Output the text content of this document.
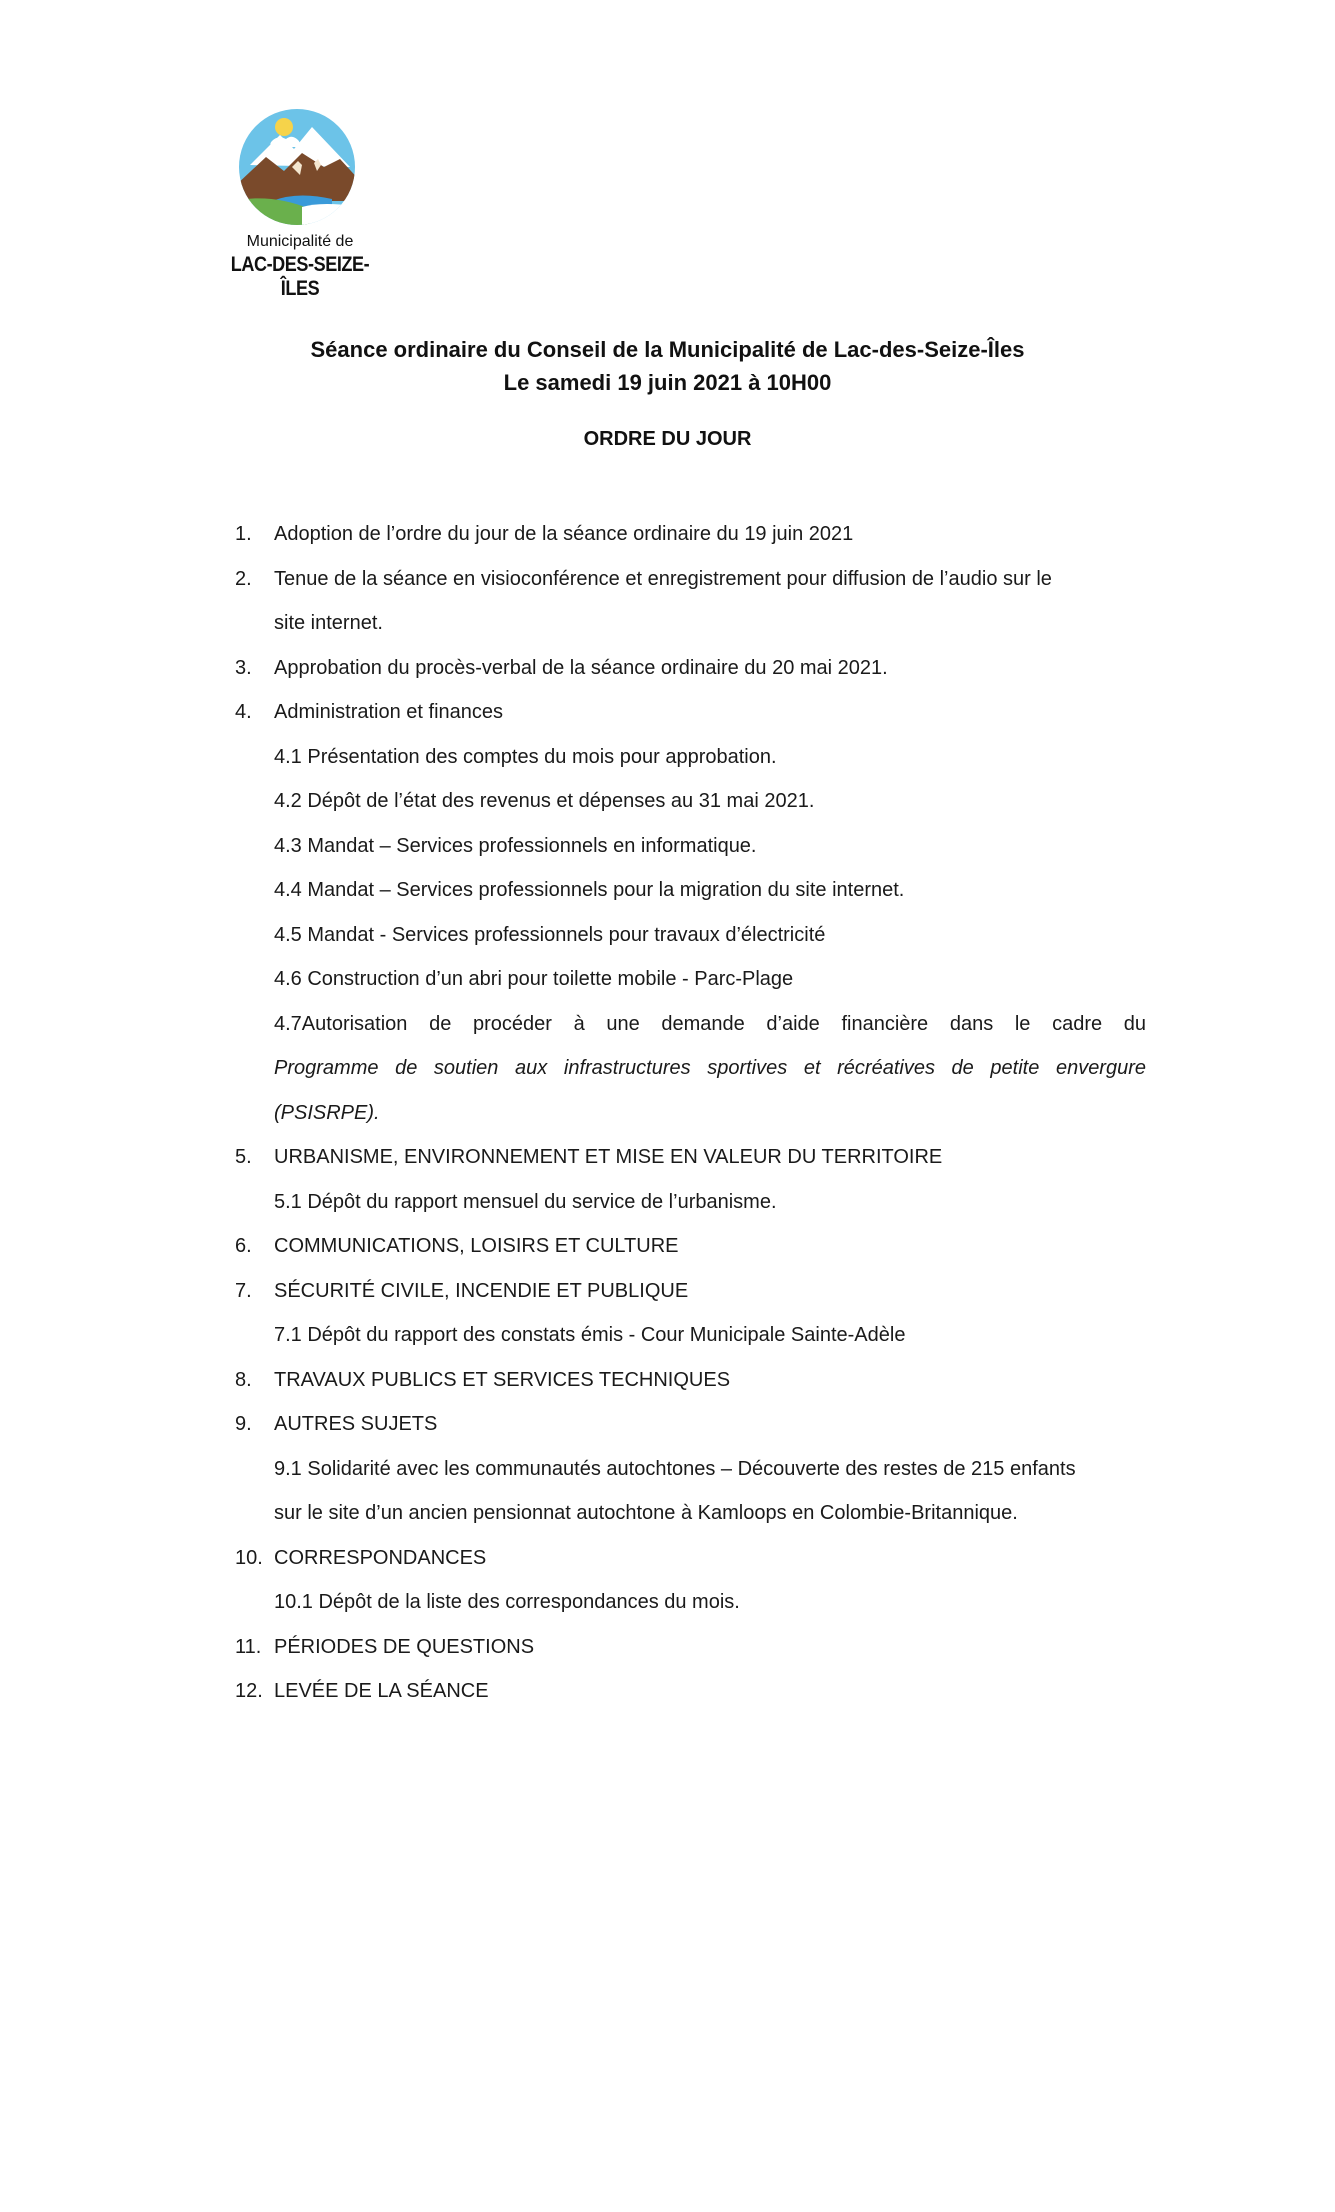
Municipalité de
LAC-DES-SEIZE-ÎLES
Séance ordinaire du Conseil de la Municipalité de Lac-des-Seize-Îles
Le samedi 19 juin 2021 à 10H00
ORDRE DU JOUR
1. Adoption de l’ordre du jour de la séance ordinaire du 19 juin 2021
2. Tenue de la séance en visioconférence et enregistrement pour diffusion de l’audio sur le
site internet.
3. Approbation du procès-verbal de la séance ordinaire du 20 mai 2021.
4. Administration et finances
4.1 Présentation des comptes du mois pour approbation.
4.2 Dépôt de l’état des revenus et dépenses au 31 mai 2021.
4.3 Mandat – Services professionnels en informatique.
4.4 Mandat – Services professionnels pour la migration du site internet.
4.5 Mandat - Services professionnels pour travaux d’électricité
4.6 Construction d’un abri pour toilette mobile - Parc-Plage
4.7Autorisation de procéder à une demande d’aide financière dans le cadre du
Programme de soutien aux infrastructures sportives et récréatives de petite envergure
(PSISRPE).
5. URBANISME, ENVIRONNEMENT ET MISE EN VALEUR DU TERRITOIRE
5.1 Dépôt du rapport mensuel du service de l’urbanisme.
6. COMMUNICATIONS, LOISIRS ET CULTURE
7. SÉCURITÉ CIVILE, INCENDIE ET PUBLIQUE
7.1 Dépôt du rapport des constats émis - Cour Municipale Sainte-Adèle
8. TRAVAUX PUBLICS ET SERVICES TECHNIQUES
9. AUTRES SUJETS
9.1 Solidarité avec les communautés autochtones – Découverte des restes de 215 enfants
sur le site d’un ancien pensionnat autochtone à Kamloops en Colombie-Britannique.
10. CORRESPONDANCES
10.1 Dépôt de la liste des correspondances du mois.
11. PÉRIODES DE QUESTIONS
12. LEVÉE DE LA SÉANCE
